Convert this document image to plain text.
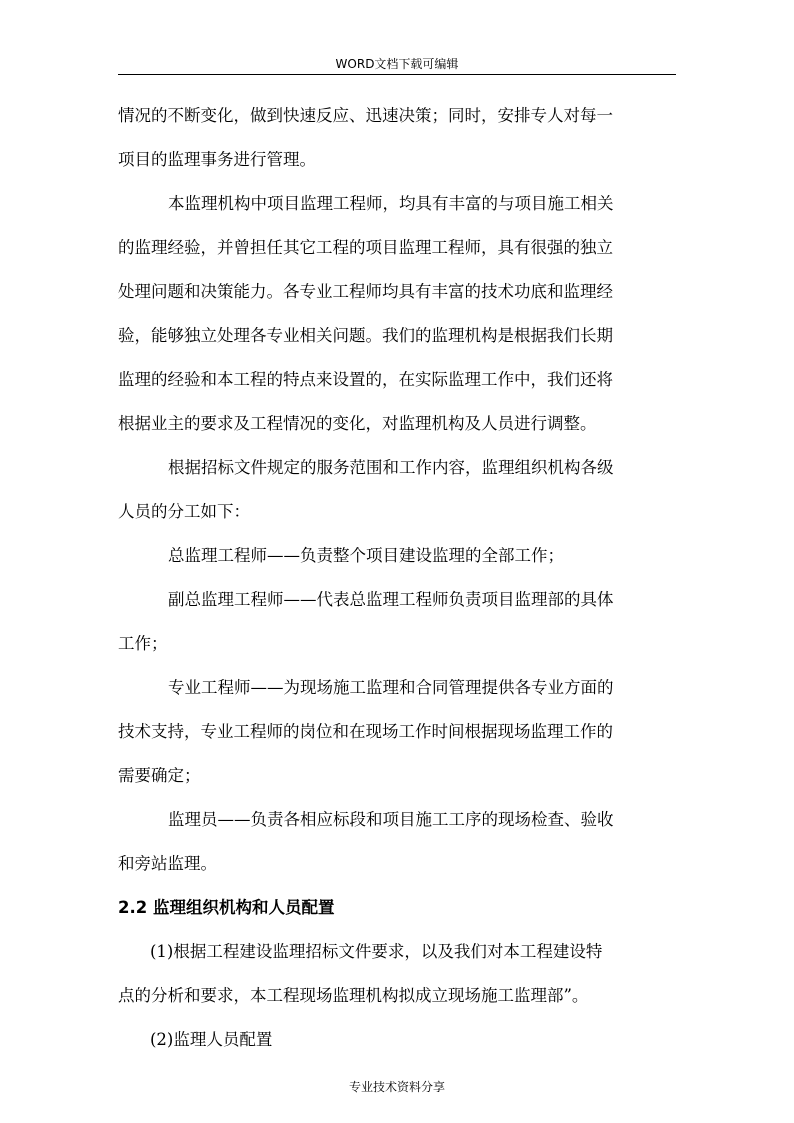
WORD文档下载可编辑
情况的不断变化，做到快速反应、迅速决策；同时，安排专人对每一
项目的监理事务进行管理。
本监理机构中项目监理工程师，均具有丰富的与项目施工相关
的监理经验，并曾担任其它工程的项目监理工程师，具有很强的独立
处理问题和决策能力。各专业工程师均具有丰富的技术功底和监理经
验，能够独立处理各专业相关问题。我们的监理机构是根据我们长期
监理的经验和本工程的特点来设置的，在实际监理工作中，我们还将
根据业主的要求及工程情况的变化，对监理机构及人员进行调整。
根据招标文件规定的服务范围和工作内容，监理组织机构各级
人员的分工如下：
总监理工程师——负责整个项目建设监理的全部工作；
副总监理工程师——代表总监理工程师负责项目监理部的具体
工作；
专业工程师——为现场施工监理和合同管理提供各专业方面的
技术支持，专业工程师的岗位和在现场工作时间根据现场监理工作的
需要确定；
监理员——负责各相应标段和项目施工工序的现场检查、验收
和旁站监理。
2.2 监理组织机构和人员配置
(1)根据工程建设监理招标文件要求，以及我们对本工程建设特
点的分析和要求，本工程现场监理机构拟成立现场施工监理部”。
(2)监理人员配置
专业技术资料分享
